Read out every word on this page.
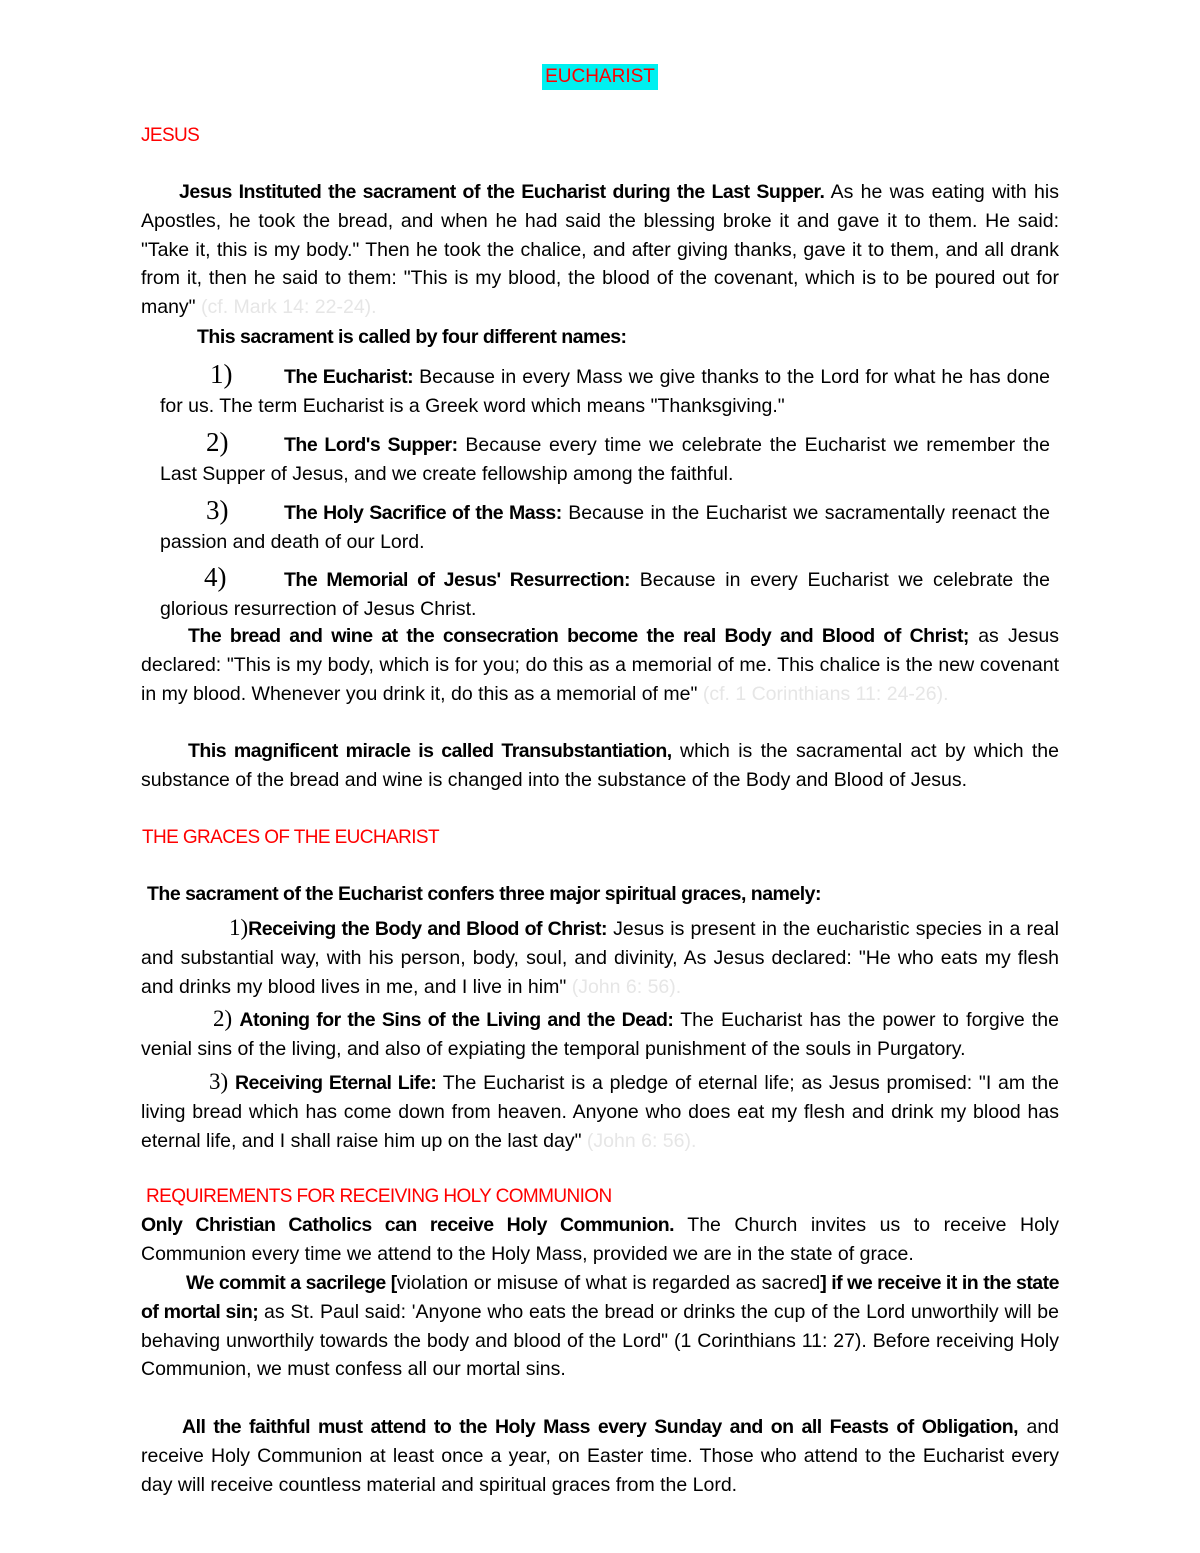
EUCHARIST

JESUS

Jesus Instituted the sacrament of the Eucharist during the Last Supper. As he was eating with his Apostles, he took the bread, and when he had said the blessing broke it and gave it to them. He said: "Take it, this is my body." Then he took the chalice, and after giving thanks, gave it to them, and all drank from it, then he said to them: "This is my blood, the blood of the covenant, which is to be poured out for many" (cf. Mark 14: 22-24).

This sacrament is called by four different names:

1)	The Eucharist: Because in every Mass we give thanks to the Lord for what he has done for us. The term Eucharist is a Greek word which means "Thanksgiving."

2)	The Lord's Supper: Because every time we celebrate the Eucharist we remember the Last Supper of Jesus, and we create fellowship among the faithful.

3)	The Holy Sacrifice of the Mass: Because in the Eucharist we sacramentally reenact the passion and death of our Lord.

4)	The Memorial of Jesus' Resurrection: Because in every Eucharist we celebrate the glorious resurrection of Jesus Christ.

The bread and wine at the consecration become the real Body and Blood of Christ; as Jesus declared: "This is my body, which is for you; do this as a memorial of me. This chalice is the new covenant in my blood. Whenever you drink it, do this as a memorial of me" (cf. 1 Corinthians 11: 24-26).

This magnificent miracle is called Transubstantiation, which is the sacramental act by which the substance of the bread and wine is changed into the substance of the Body and Blood of Jesus.

THE GRACES OF THE EUCHARIST

The sacrament of the Eucharist confers three major spiritual graces, namely:

1)Receiving the Body and Blood of Christ: Jesus is present in the eucharistic species in a real and substantial way, with his person, body, soul, and divinity, As Jesus declared: "He who eats my flesh and drinks my blood lives in me, and I live in him" (John 6: 56).

2) Atoning for the Sins of the Living and the Dead: The Eucharist has the power to forgive the venial sins of the living, and also of expiating the temporal punishment of the souls in Purgatory.

3) Receiving Eternal Life: The Eucharist is a pledge of eternal life; as Jesus promised: "I am the living bread which has come down from heaven. Anyone who does eat my flesh and drink my blood has eternal life, and I shall raise him up on the last day" (John 6: 56).

REQUIREMENTS FOR RECEIVING HOLY COMMUNION

Only Christian Catholics can receive Holy Communion. The Church invites us to receive Holy Communion every time we attend to the Holy Mass, provided we are in the state of grace.

We commit a sacrilege [violation or misuse of what is regarded as sacred] if we receive it in the state of mortal sin; as St. Paul said: 'Anyone who eats the bread or drinks the cup of the Lord unworthily will be behaving unworthily towards the body and blood of the Lord" (1 Corinthians 11: 27). Before receiving Holy Communion, we must confess all our mortal sins.

All the faithful must attend to the Holy Mass every Sunday and on all Feasts of Obligation, and receive Holy Communion at least once a year, on Easter time. Those who attend to the Eucharist every day will receive countless material and spiritual graces from the Lord.
